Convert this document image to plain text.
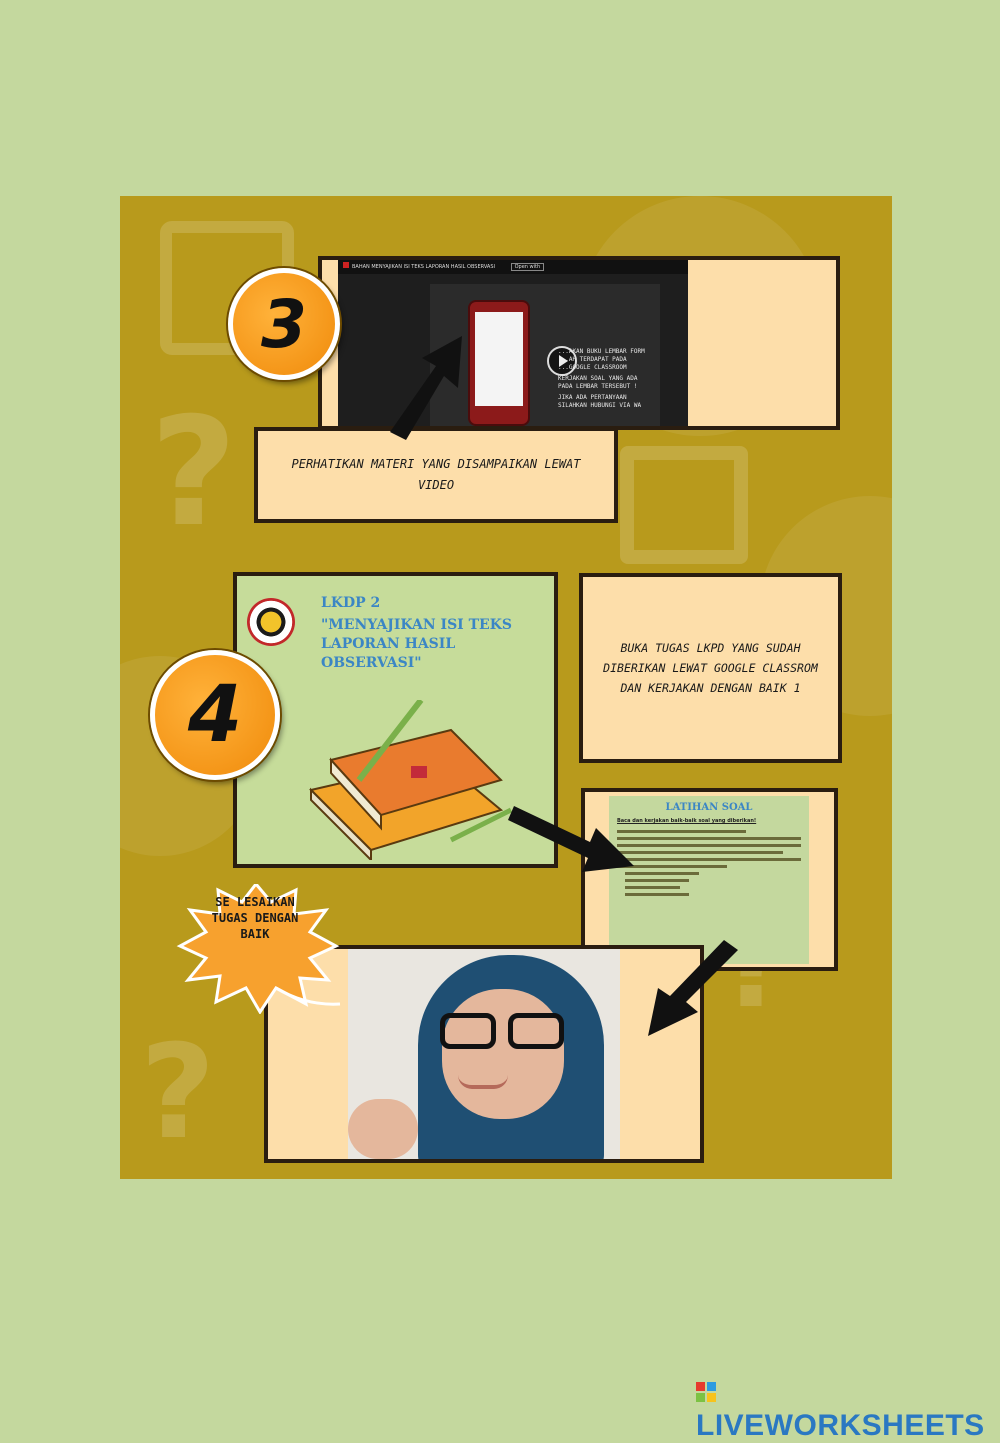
?
?
BAHAN MENYAJIKAN ISI TEKS LAPORAN HASIL OBSERVASI	Open with
...AKAN BUKU LEMBAR FORM
...AH TERDAPAT PADA
...GOOGLE CLASSROOM
KERJAKAN SOAL YANG ADA
PADA LEMBAR TERSEBUT !
JIKA ADA PERTANYAAN
SILAHKAN HUBUNGI VIA WA
3
PERHATIKAN MATERI YANG DISAMPAIKAN LEWAT VIDEO
LKDP 2
"MENYAJIKAN ISI TEKS LAPORAN HASIL OBSERVASI"
4
BUKA TUGAS LKPD YANG SUDAH DIBERIKAN LEWAT GOOGLE CLASSROM DAN KERJAKAN DENGAN BAIK 1
LATIHAN SOAL
Baca dan kerjakan baik-baik soal yang diberikan!
SE LESAIKAN TUGAS DENGAN BAIK
LIVEWORKSHEETS
